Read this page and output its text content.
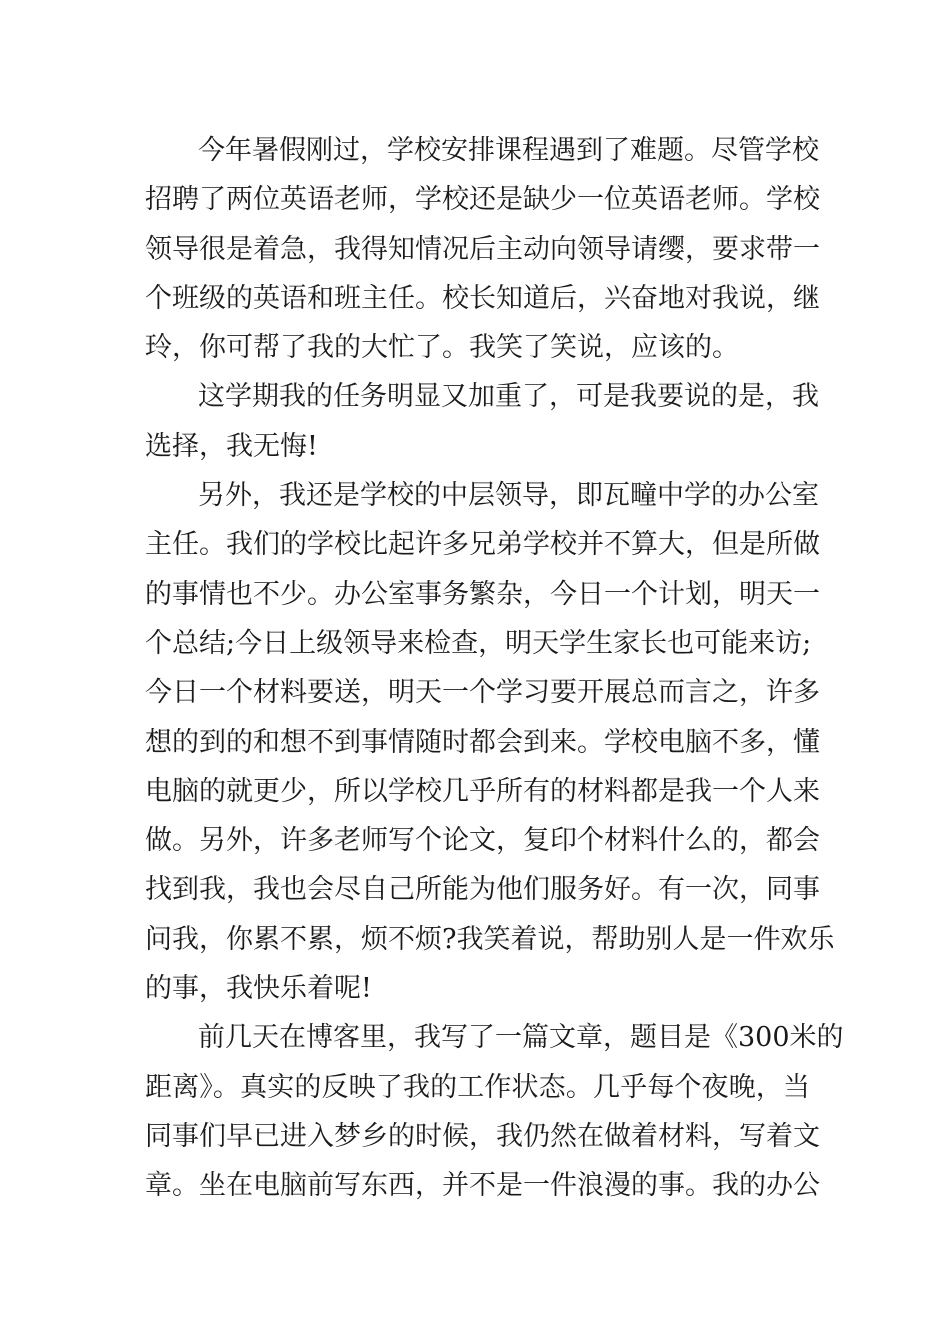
今年暑假刚过，学校安排课程遇到了难题。尽管学校
招聘了两位英语老师，学校还是缺少一位英语老师。学校
领导很是着急，我得知情况后主动向领导请缨，要求带一
个班级的英语和班主任。校长知道后，兴奋地对我说，继
玲，你可帮了我的大忙了。我笑了笑说，应该的。
这学期我的任务明显又加重了，可是我要说的是，我
选择，我无悔!
另外，我还是学校的中层领导，即瓦疃中学的办公室
主任。我们的学校比起许多兄弟学校并不算大，但是所做
的事情也不少。办公室事务繁杂，今日一个计划，明天一
个总结;今日上级领导来检查，明天学生家长也可能来访;
今日一个材料要送，明天一个学习要开展总而言之，许多
想的到的和想不到事情随时都会到来。学校电脑不多，懂
电脑的就更少，所以学校几乎所有的材料都是我一个人来
做。另外，许多老师写个论文，复印个材料什么的，都会
找到我，我也会尽自己所能为他们服务好。有一次，同事
问我，你累不累，烦不烦?我笑着说，帮助别人是一件欢乐
的事，我快乐着呢!
前几天在博客里，我写了一篇文章，题目是《300米的
距离》。真实的反映了我的工作状态。几乎每个夜晚，当
同事们早已进入梦乡的时候，我仍然在做着材料，写着文
章。坐在电脑前写东西，并不是一件浪漫的事。我的办公
